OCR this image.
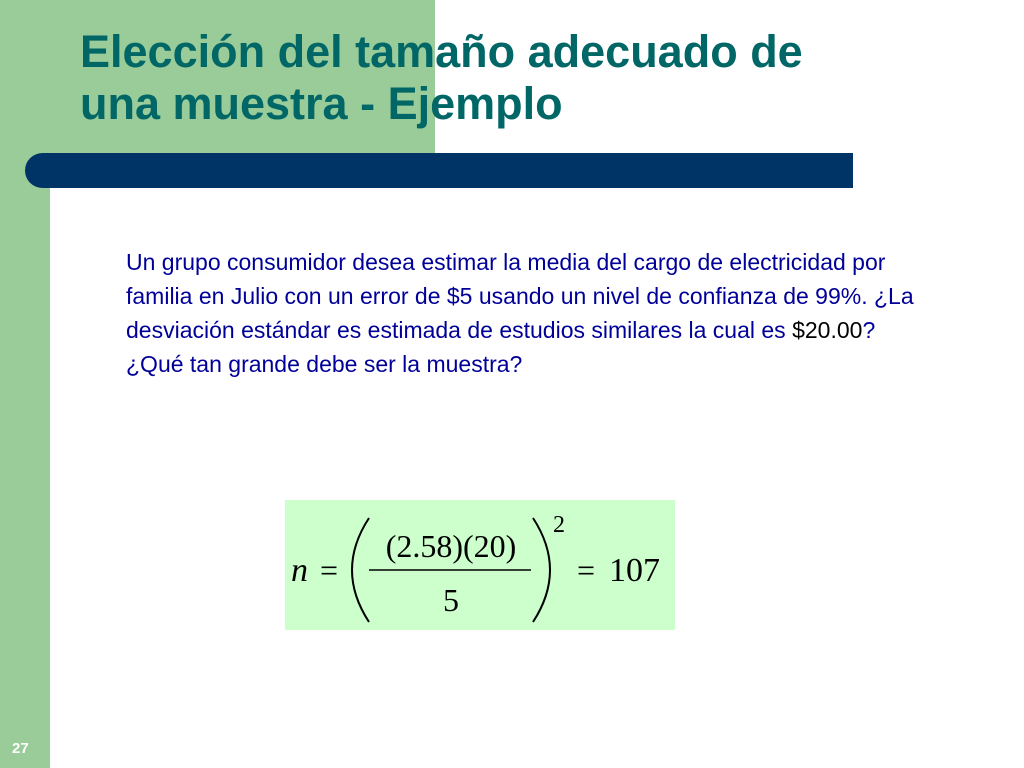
Elección del tamaño adecuado de
una muestra - Ejemplo

Un grupo consumidor desea estimar la media del cargo de electricidad por familia en Julio con un error de $5 usando un nivel de confianza de 99%. ¿La desviación estándar es estimada de estudios similares la cual es $20.00? ¿Qué tan grande debe ser la muestra?

n =
(2.58)(20)
5
2
= 107
27
